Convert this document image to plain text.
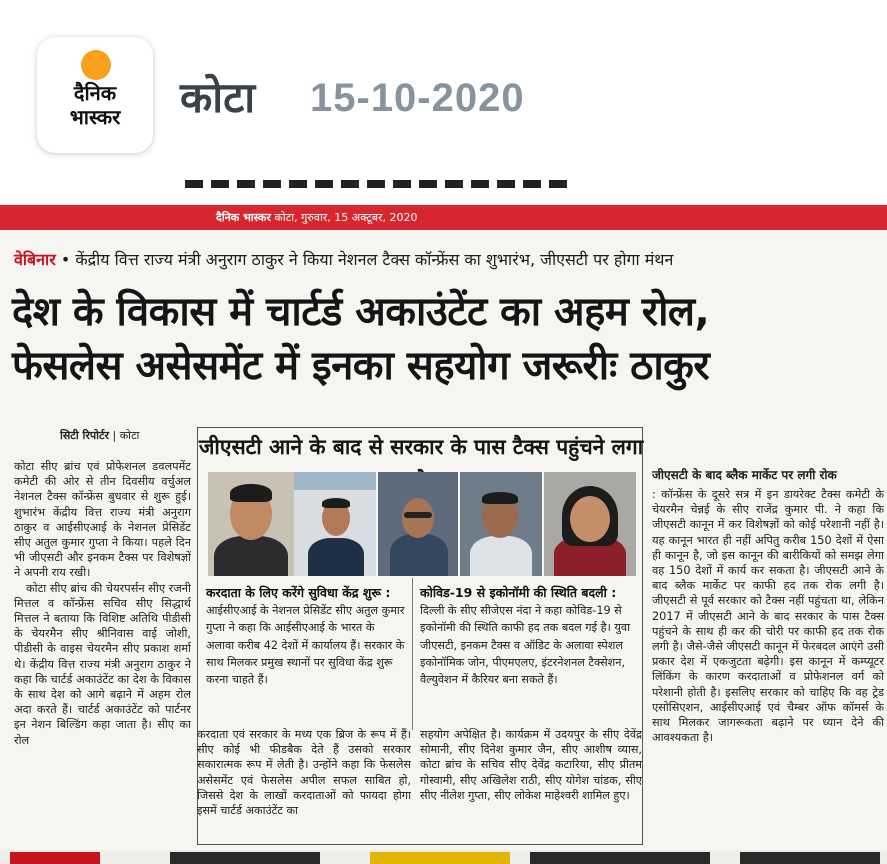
दैनिक
भास्कर	कोटा 15-10-2020
दैनिक भास्कर कोटा, गुरुवार, 15 अक्टूबर, 2020
वेबिनार • केंद्रीय वित्त राज्य मंत्री अनुराग ठाकुर ने किया नेशनल टैक्स कॉन्फ्रेंस का शुभारंभ, जीएसटी पर होगा मंथन
देश के विकास में चार्टर्ड अकाउंटेंट का अहम रोल,
फेसलेस असेसमेंट में इनका सहयोग जरूरीः ठाकुर
सिटी रिपोर्टर | कोटा

कोटा सीए ब्रांच एवं प्रोफेशनल डवलपमेंट कमेटी की ओर से तीन दिवसीय वर्चुअल नेशनल टैक्स कॉन्फ्रेंस बुधवार से शुरू हुई। शुभारंभ केंद्रीय वित्त राज्य मंत्री अनुराग ठाकुर व आईसीएआई के नेशनल प्रेसिडेंट सीए अतुल कुमार गुप्ता ने किया। पहले दिन भी जीएसटी और इनकम टैक्स पर विशेषज्ञों ने अपनी राय रखी।

कोटा सीए ब्रांच की चेयरपर्सन सीए रजनी मित्तल व कॉन्फ्रेंस सचिव सीए सिद्धार्थ मित्तल ने बताया कि विशिष्ट अतिथि पीडीसी के चेयरमैन सीए श्रीनिवास वाई जोशी, पीडीसी के वाइस चेयरमैन सीए प्रकाश शर्मा थे। केंद्रीय वित्त राज्य मंत्री अनुराग ठाकुर ने कहा कि चार्टर्ड अकाउंटेंट का देश के विकास के साथ देश को आगे बढ़ाने में अहम रोल अदा करते हैं। चार्टर्ड अकाउंटेंट को पार्टनर इन नेशन बिल्डिंग कहा जाता है। सीए का रोल

जीएसटी आने के बाद से सरकार के पास टैक्स पहुंचने लगा
करदाता के लिए करेंगे सुविधा केंद्र शुरू : आईसीएआई के नेशनल प्रेसिडेंट सीए अतुल कुमार गुप्ता ने कहा कि आईसीएआई के भारत के अलावा करीब 42 देशों में कार्यालय हैं। सरकार के साथ मिलकर प्रमुख स्थानों पर सुविधा केंद्र शुरू करना चाहते हैं।
कोविड-19 से इकोनॉमी की स्थिति बदली : दिल्ली के सीए सीजेएस नंदा ने कहा कोविड-19 से इकोनॉमी की स्थिति काफी हद तक बदल गई है। युवा जीएसटी, इनकम टैक्स व ऑडिट के अलावा स्पेशल इकोनॉमिक जोन, पीएमएलए, इंटरनेशनल टैक्सेशन, वैल्युवेशन में कैरियर बना सकते हैं।
करदाता एवं सरकार के मध्य एक ब्रिज के रूप में हैं। सीए कोई भी फीडबैक देते हैं उसको सरकार सकारात्मक रूप में लेती है। उन्होंने कहा कि फेसलेस असेसमेंट एवं फेसलेस अपील सफल साबित हो, जिससे देश के लाखों करदाताओं को फायदा होगा इसमें चार्टर्ड अकाउंटेंट का
सहयोग अपेक्षित है। कार्यक्रम में उदयपुर के सीए देवेंद्र सोमानी, सीए दिनेश कुमार जैन, सीए आशीष व्यास, कोटा ब्रांच के सचिव सीए देवेंद्र कटारिया, सीए प्रीतम गोस्वामी, सीए अखिलेश राठी, सीए योगेश चांडक, सीए सीए नीलेश गुप्ता, सीए लोकेश माहेश्वरी शामिल हुए।
जीएसटी के बाद ब्लैक मार्केट पर लगी रोक

: कॉन्फ्रेंस के दूसरे सत्र में इन डायरेक्ट टैक्स कमेटी के चेयरमैन चेन्नई के सीए राजेंद्र कुमार पी. ने कहा कि जीएसटी कानून में कर विशेषज्ञों को कोई परेशानी नहीं है। यह कानून भारत ही नहीं अपितु करीब 150 देशों में ऐसा ही कानून है, जो इस कानून की बारीकियों को समझ लेगा वह 150 देशों में कार्य कर सकता है। जीएसटी आने के बाद ब्लैक मार्केट पर काफी हद तक रोक लगी है। जीएसटी से पूर्व सरकार को टैक्स नहीं पहुंचता था, लेकिन 2017 में जीएसटी आने के बाद सरकार के पास टैक्स पहुंचने के साथ ही कर की चोरी पर काफी हद तक रोक लगी है। जैसे-जैसे जीएसटी कानून में फेरबदल आएंगे उसी प्रकार देश में एकजुटता बढ़ेगी। इस कानून में कम्प्यूटर लिंकिंग के कारण करदाताओं व प्रोफेशनल वर्ग को परेशानी होती है। इसलिए सरकार को चाहिए कि वह ट्रेड एसोसिएशन, आईसीएआई एवं चैम्बर ऑफ कॉमर्स के साथ मिलकर जागरूकता बढ़ाने पर ध्यान देने की आवश्यकता है।
